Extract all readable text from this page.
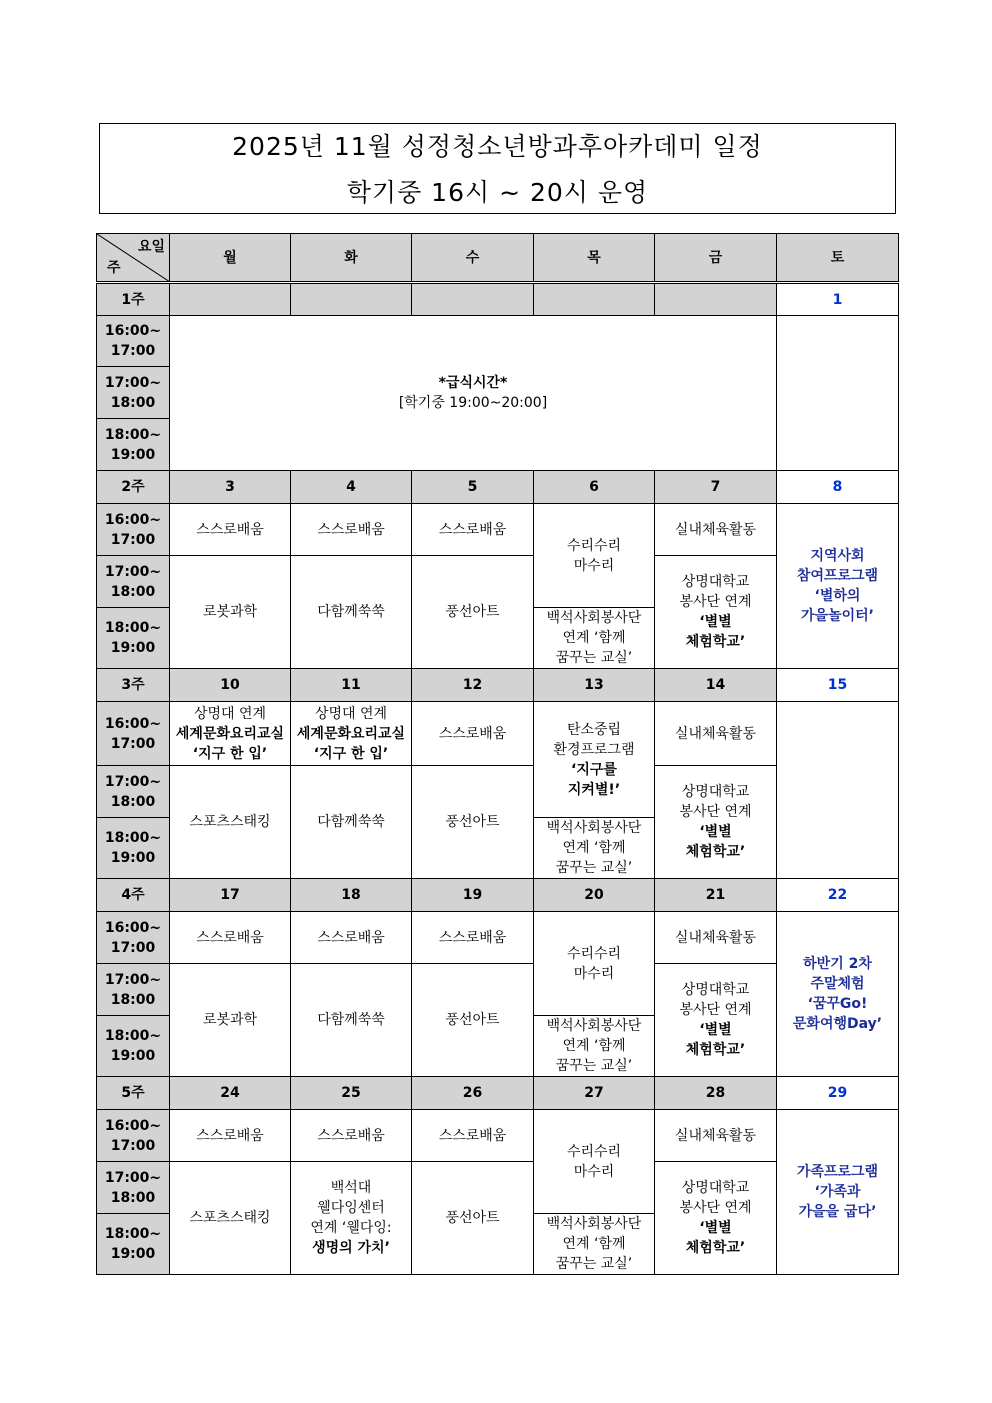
2025년 11월 성정청소년방과후아카데미 일정
학기중 16시 ~ 20시 운영
요일
주	월	화	수	목	금	토
1주						1

16:00~
17:00	*급식시간*
[학기중 19:00~20:00]					

17:00~
18:00						

18:00~
19:00						

2주	3	4	5	6	7	8

16:00~
17:00	스스로배움	스스로배움	스스로배움	수리수리
마수리	실내체육활동	지역사회
참여프로그램
‘별하의
가을놀이터’

17:00~
18:00	로봇과학	다함께쑥쑥	풍선아트		상명대학교
봉사단 연계
‘별별
체험학교’	

18:00~
19:00				백석사회봉사단
연계 ‘함께
꿈꾸는 교실’		

3주	10	11	12	13	14	15

16:00~
17:00	상명대 연계
세계문화요리교실
‘지구 한 입’	상명대 연계
세계문화요리교실
‘지구 한 입’	스스로배움	탄소중립
환경프로그램
‘지구를
지켜별!’	실내체육활동	

17:00~
18:00	스포츠스태킹	다함께쑥쑥	풍선아트		상명대학교
봉사단 연계
‘별별
체험학교’	

18:00~
19:00				백석사회봉사단
연계 ‘함께
꿈꾸는 교실’		

4주	17	18	19	20	21	22

16:00~
17:00	스스로배움	스스로배움	스스로배움	수리수리
마수리	실내체육활동	하반기 2차
주말체험
‘꿈꾸Go!
문화여행Day’

17:00~
18:00	로봇과학	다함께쑥쑥	풍선아트		상명대학교
봉사단 연계
‘별별
체험학교’	

18:00~
19:00				백석사회봉사단
연계 ‘함께
꿈꾸는 교실’		

5주	24	25	26	27	28	29

16:00~
17:00	스스로배움	스스로배움	스스로배움	수리수리
마수리	실내체육활동	가족프로그램
‘가족과
가을을 굽다’

17:00~
18:00	스포츠스태킹	백석대
웰다잉센터
연계 ‘웰다잉:
생명의 가치’	풍선아트		상명대학교
봉사단 연계
‘별별
체험학교’	

18:00~
19:00				백석사회봉사단
연계 ‘함께
꿈꾸는 교실’		
